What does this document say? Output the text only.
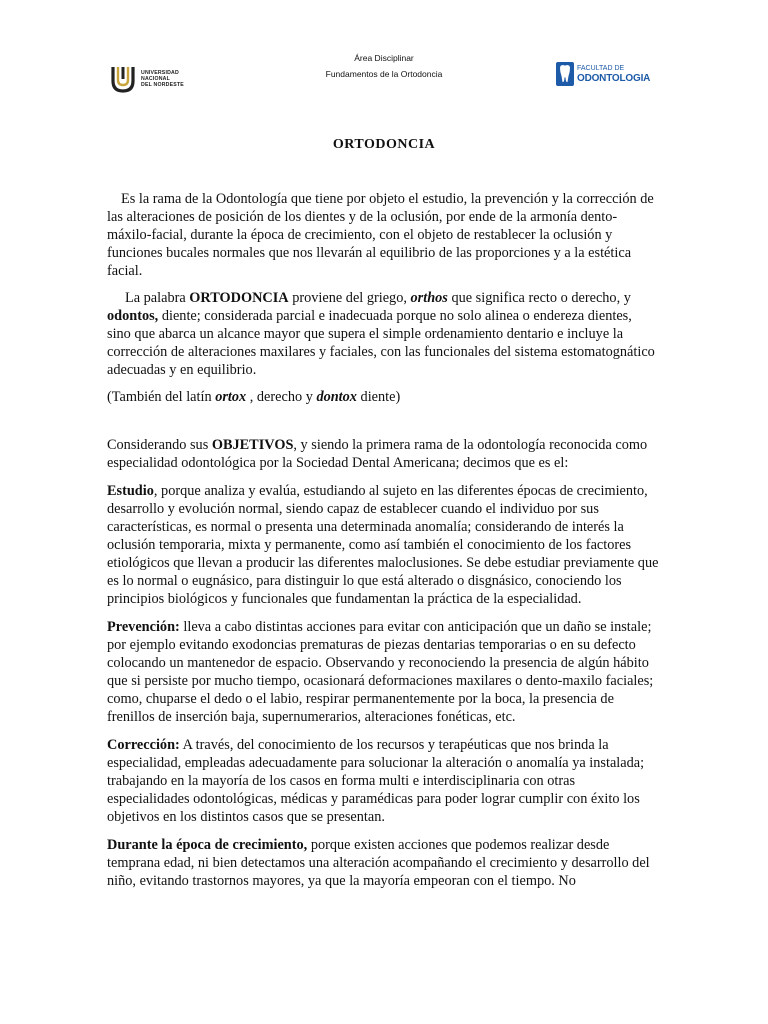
Área Disciplinar
Fundamentos de la Ortodoncia
UNIVERSIDAD
NACIONAL
DEL NORDESTE
FACULTAD DE
ODONTOLOGIA
ORTODONCIA

Es la rama de la Odontología que tiene por objeto el estudio, la prevención y la corrección de las alteraciones de posición de los dientes y de la oclusión, por ende de la armonía dento-máxilo-facial, durante la época de crecimiento, con el objeto de restablecer la oclusión y funciones bucales normales que nos llevarán al equilibrio de las proporciones y a la estética facial.

La palabra ORTODONCIA proviene del griego, orthos que significa recto o derecho, y odontos, diente; considerada parcial e inadecuada porque no solo alinea o endereza dientes, sino que abarca un alcance mayor que supera el simple ordenamiento dentario e incluye la corrección de alteraciones maxilares y faciales, con las funcionales del sistema estomatognático adecuadas y en equilibrio.

(También del latín ortox , derecho y dontox diente)

Considerando sus OBJETIVOS, y siendo la primera rama de la odontología reconocida como especialidad odontológica por la Sociedad Dental Americana; decimos que es el:

Estudio, porque analiza y evalúa, estudiando al sujeto en las diferentes épocas de crecimiento, desarrollo y evolución normal, siendo capaz de establecer cuando el individuo por sus características, es normal o presenta una determinada anomalía; considerando de interés la oclusión temporaria, mixta y permanente, como así también el conocimiento de los factores etiológicos que llevan a producir las diferentes maloclusiones. Se debe estudiar previamente que es lo normal o eugnásico, para distinguir lo que está alterado o disgnásico, conociendo los principios biológicos y funcionales que fundamentan la práctica de la especialidad.

Prevención: lleva a cabo distintas acciones para evitar con anticipación que un daño se instale; por ejemplo evitando exodoncias prematuras de piezas dentarias temporarias o en su defecto colocando un mantenedor de espacio. Observando y reconociendo la presencia de algún hábito que si persiste por mucho tiempo, ocasionará deformaciones maxilares o dento-maxilo faciales; como, chuparse el dedo o el labio, respirar permanentemente por la boca, la presencia de frenillos de inserción baja, supernumerarios, alteraciones fonéticas, etc.

Corrección: A través, del conocimiento de los recursos y terapéuticas que nos brinda la especialidad, empleadas adecuadamente para solucionar la alteración o anomalía ya instalada; trabajando en la mayoría de los casos en forma multi e interdisciplinaria con otras especialidades odontológicas, médicas y paramédicas para poder lograr cumplir con éxito los objetivos en los distintos casos que se presentan.

Durante la época de crecimiento, porque existen acciones que podemos realizar desde temprana edad, ni bien detectamos una alteración acompañando el crecimiento y desarrollo del niño, evitando trastornos mayores, ya que la mayoría empeoran con el tiempo. No
